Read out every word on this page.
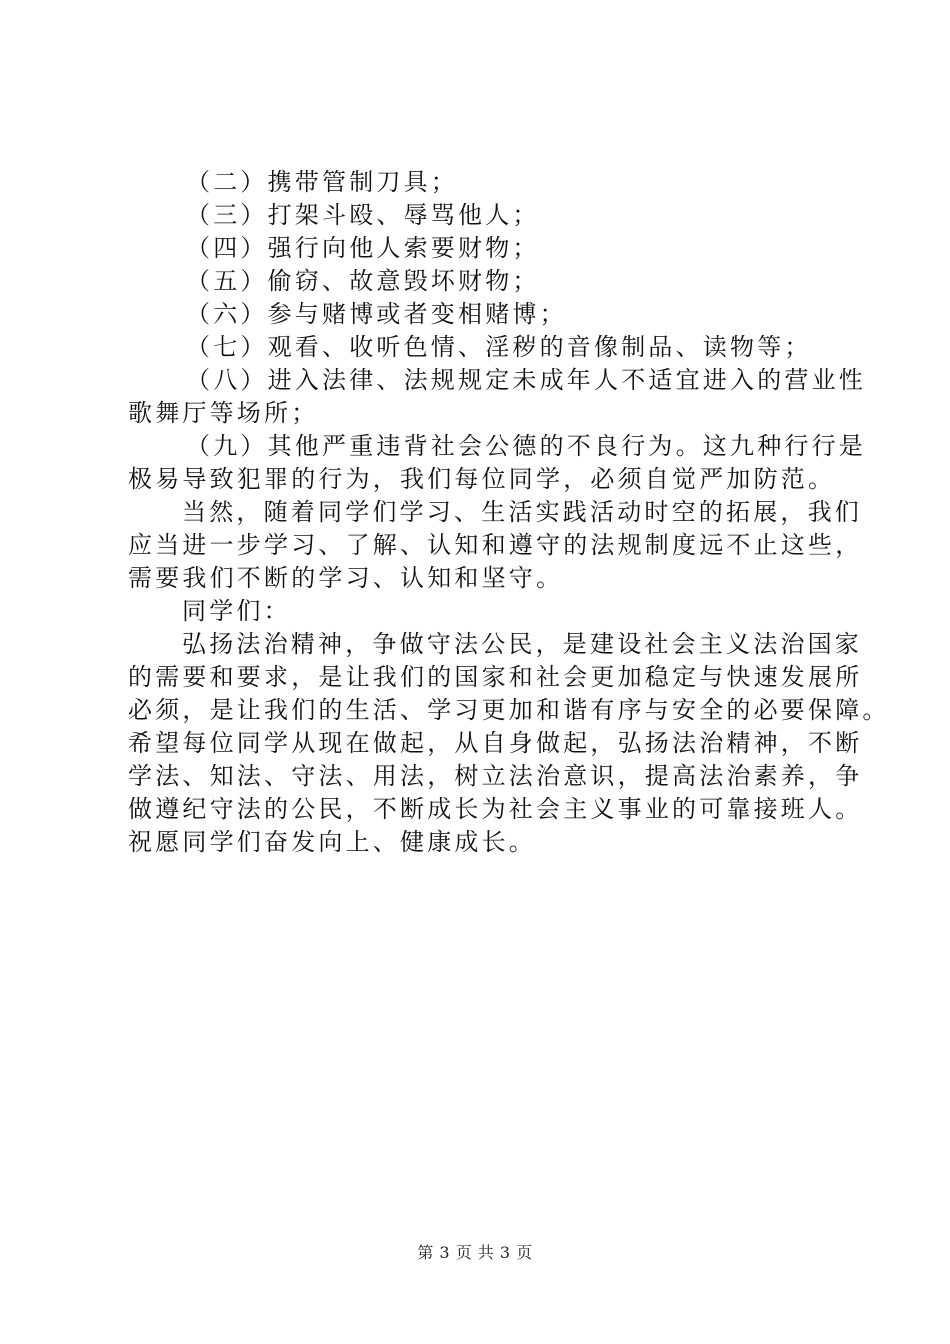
（二）携带管制刀具；
（三）打架斗殴、辱骂他人；
（四）强行向他人索要财物；
（五）偷窃、故意毁坏财物；
（六）参与赌博或者变相赌博；
（七）观看、收听色情、淫秽的音像制品、读物等；
（八）进入法律、法规规定未成年人不适宜进入的营业性
歌舞厅等场所；
（九）其他严重违背社会公德的不良行为。这九种行行是
极易导致犯罪的行为，我们每位同学，必须自觉严加防范。
当然，随着同学们学习、生活实践活动时空的拓展，我们
应当进一步学习、了解、认知和遵守的法规制度远不止这些，
需要我们不断的学习、认知和坚守。
同学们：
弘扬法治精神，争做守法公民，是建设社会主义法治国家
的需要和要求，是让我们的国家和社会更加稳定与快速发展所
必须，是让我们的生活、学习更加和谐有序与安全的必要保障。
希望每位同学从现在做起，从自身做起，弘扬法治精神，不断
学法、知法、守法、用法，树立法治意识，提高法治素养，争
做遵纪守法的公民，不断成长为社会主义事业的可靠接班人。
祝愿同学们奋发向上、健康成长。
第 3 页 共 3 页
